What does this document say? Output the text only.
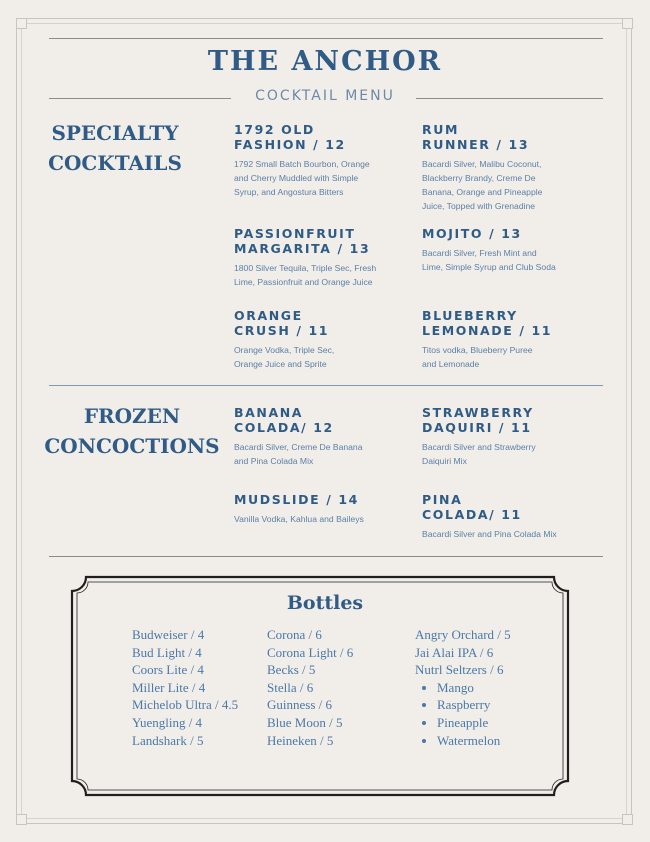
THE ANCHOR
COCKTAIL MENU
SPECIALTY
COCKTAILS
1792 OLD
FASHION / 12
1792 Small Batch Bourbon, Orange
and Cherry Muddled with Simple
Syrup, and Angostura Bitters
RUM
RUNNER / 13
Bacardi Silver, Malibu Coconut,
Blackberry Brandy, Creme De
Banana, Orange and Pineapple
Juice, Topped with Grenadine
PASSIONFRUIT
MARGARITA / 13
1800 Silver Tequila, Triple Sec, Fresh
Lime, Passionfruit and Orange Juice
MOJITO / 13
Bacardi Silver, Fresh Mint and
Lime, Simple Syrup and Club Soda
ORANGE
CRUSH / 11
Orange Vodka, Triple Sec,
Orange Juice and Sprite
BLUEBERRY
LEMONADE / 11
Titos vodka, Blueberry Puree
and Lemonade
FROZEN
CONCOCTIONS
BANANA
COLADA/ 12
Bacardi Silver, Creme De Banana
and Pina Colada Mix
STRAWBERRY
DAQUIRI / 11
Bacardi Silver and Strawberry
Daiquiri Mix
MUDSLIDE / 14
Vanilla Vodka, Kahlua and Baileys
PINA
COLADA/ 11
Bacardi Silver and Pina Colada Mix
Bottles
Budweiser / 4
Bud Light / 4
Coors Lite / 4
Miller Lite / 4
Michelob Ultra / 4.5
Yuengling / 4
Landshark / 5
Corona / 6
Corona Light / 6
Becks / 5
Stella / 6
Guinness / 6
Blue Moon / 5
Heineken / 5
Angry Orchard / 5
Jai Alai IPA / 6
Nutrl Seltzers / 6
• Mango
• Raspberry
• Pineapple
• Watermelon
